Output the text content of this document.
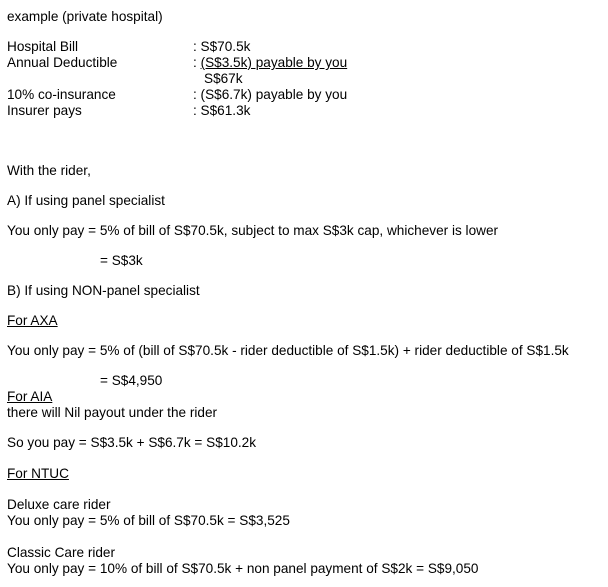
example (private hospital)
Hospital Bill	: S$70.5k
Annual Deductible	: (S$3.5k) payable by you
S$67k
10% co-insurance	: (S$6.7k) payable by you
Insurer pays	: S$61.3k
With the rider,
A) If using panel specialist
You only pay = 5% of bill of S$70.5k, subject to max S$3k cap, whichever is lower
= S$3k
B) If using NON-panel specialist
For AXA
You only pay = 5% of (bill of S$70.5k - rider deductible of S$1.5k) + rider deductible of S$1.5k
= S$4,950
For AIA
there will Nil payout under the rider
So you pay = S$3.5k + S$6.7k = S$10.2k
For NTUC
Deluxe care rider
You only pay = 5% of bill of S$70.5k = S$3,525
Classic Care rider
You only pay = 10% of bill of S$70.5k + non panel payment of S$2k = S$9,050
